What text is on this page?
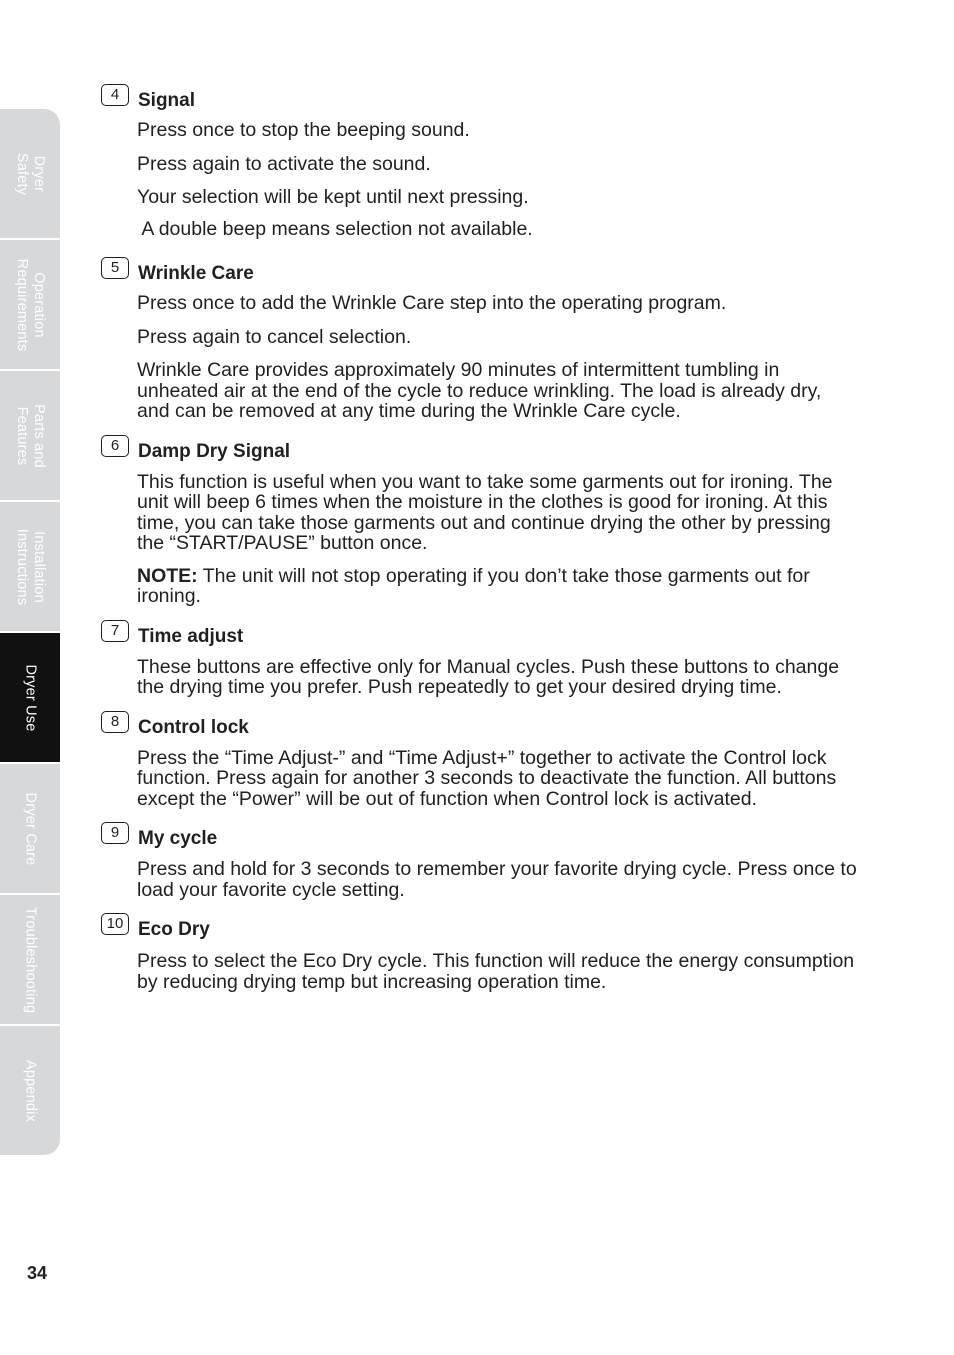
Dryer
Safety
Operation
Requirements
Parts and
Features
Installation
Instructions
Dryer Use
Dryer Care
Troubleshooting
Appendix
4 Signal

Press once to stop the beeping sound.

Press again to activate the sound.

Your selection will be kept until next pressing.

A double beep means selection not available.

5 Wrinkle Care

Press once to add the Wrinkle Care step into the operating program.

Press again to cancel selection.

Wrinkle Care provides approximately 90 minutes of intermittent tumbling in unheated air at the end of the cycle to reduce wrinkling. The load is already dry, and can be removed at any time during the Wrinkle Care cycle.

6 Damp Dry Signal

This function is useful when you want to take some garments out for ironing. The unit will beep 6 times when the moisture in the clothes is good for ironing. At this time, you can take those garments out and continue drying the other by pressing the “START/PAUSE” button once.

NOTE: The unit will not stop operating if you don’t take those garments out for ironing.

7 Time adjust

These buttons are effective only for Manual cycles. Push these buttons to change the drying time you prefer. Push repeatedly to get your desired drying time.

8 Control lock

Press the “Time Adjust-” and “Time Adjust+” together to activate the Control lock function. Press again for another 3 seconds to deactivate the function. All buttons except the “Power” will be out of function when Control lock is activated.

9 My cycle

Press and hold for 3 seconds to remember your favorite drying cycle. Press once to load your favorite cycle setting.

10 Eco Dry

Press to select the Eco Dry cycle. This function will reduce the energy consumption by reducing drying temp but increasing operation time.

34
